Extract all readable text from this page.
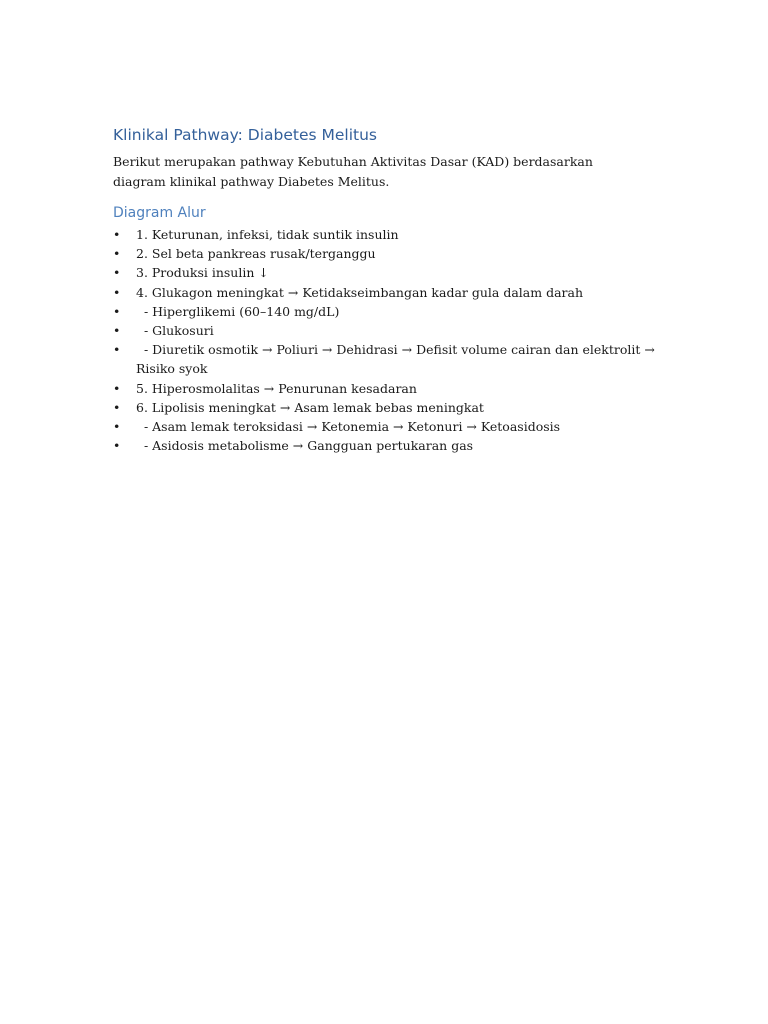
Klinikal Pathway: Diabetes Melitus

Berikut merupakan pathway Kebutuhan Aktivitas Dasar (KAD) berdasarkan diagram klinikal pathway Diabetes Melitus.

Diagram Alur
• 1. Keturunan, infeksi, tidak suntik insulin
• 2. Sel beta pankreas rusak/terganggu
• 3. Produksi insulin ↓
• 4. Glukagon meningkat → Ketidakseimbangan kadar gula dalam darah
• - Hiperglikemi (60–140 mg/dL)
• - Glukosuri
• - Diuretik osmotik → Poliuri → Dehidrasi → Defisit volume cairan dan elektrolit → Risiko syok
• 5. Hiperosmolalitas → Penurunan kesadaran
• 6. Lipolisis meningkat → Asam lemak bebas meningkat
• - Asam lemak teroksidasi → Ketonemia → Ketonuri → Ketoasidosis
• - Asidosis metabolisme → Gangguan pertukaran gas
